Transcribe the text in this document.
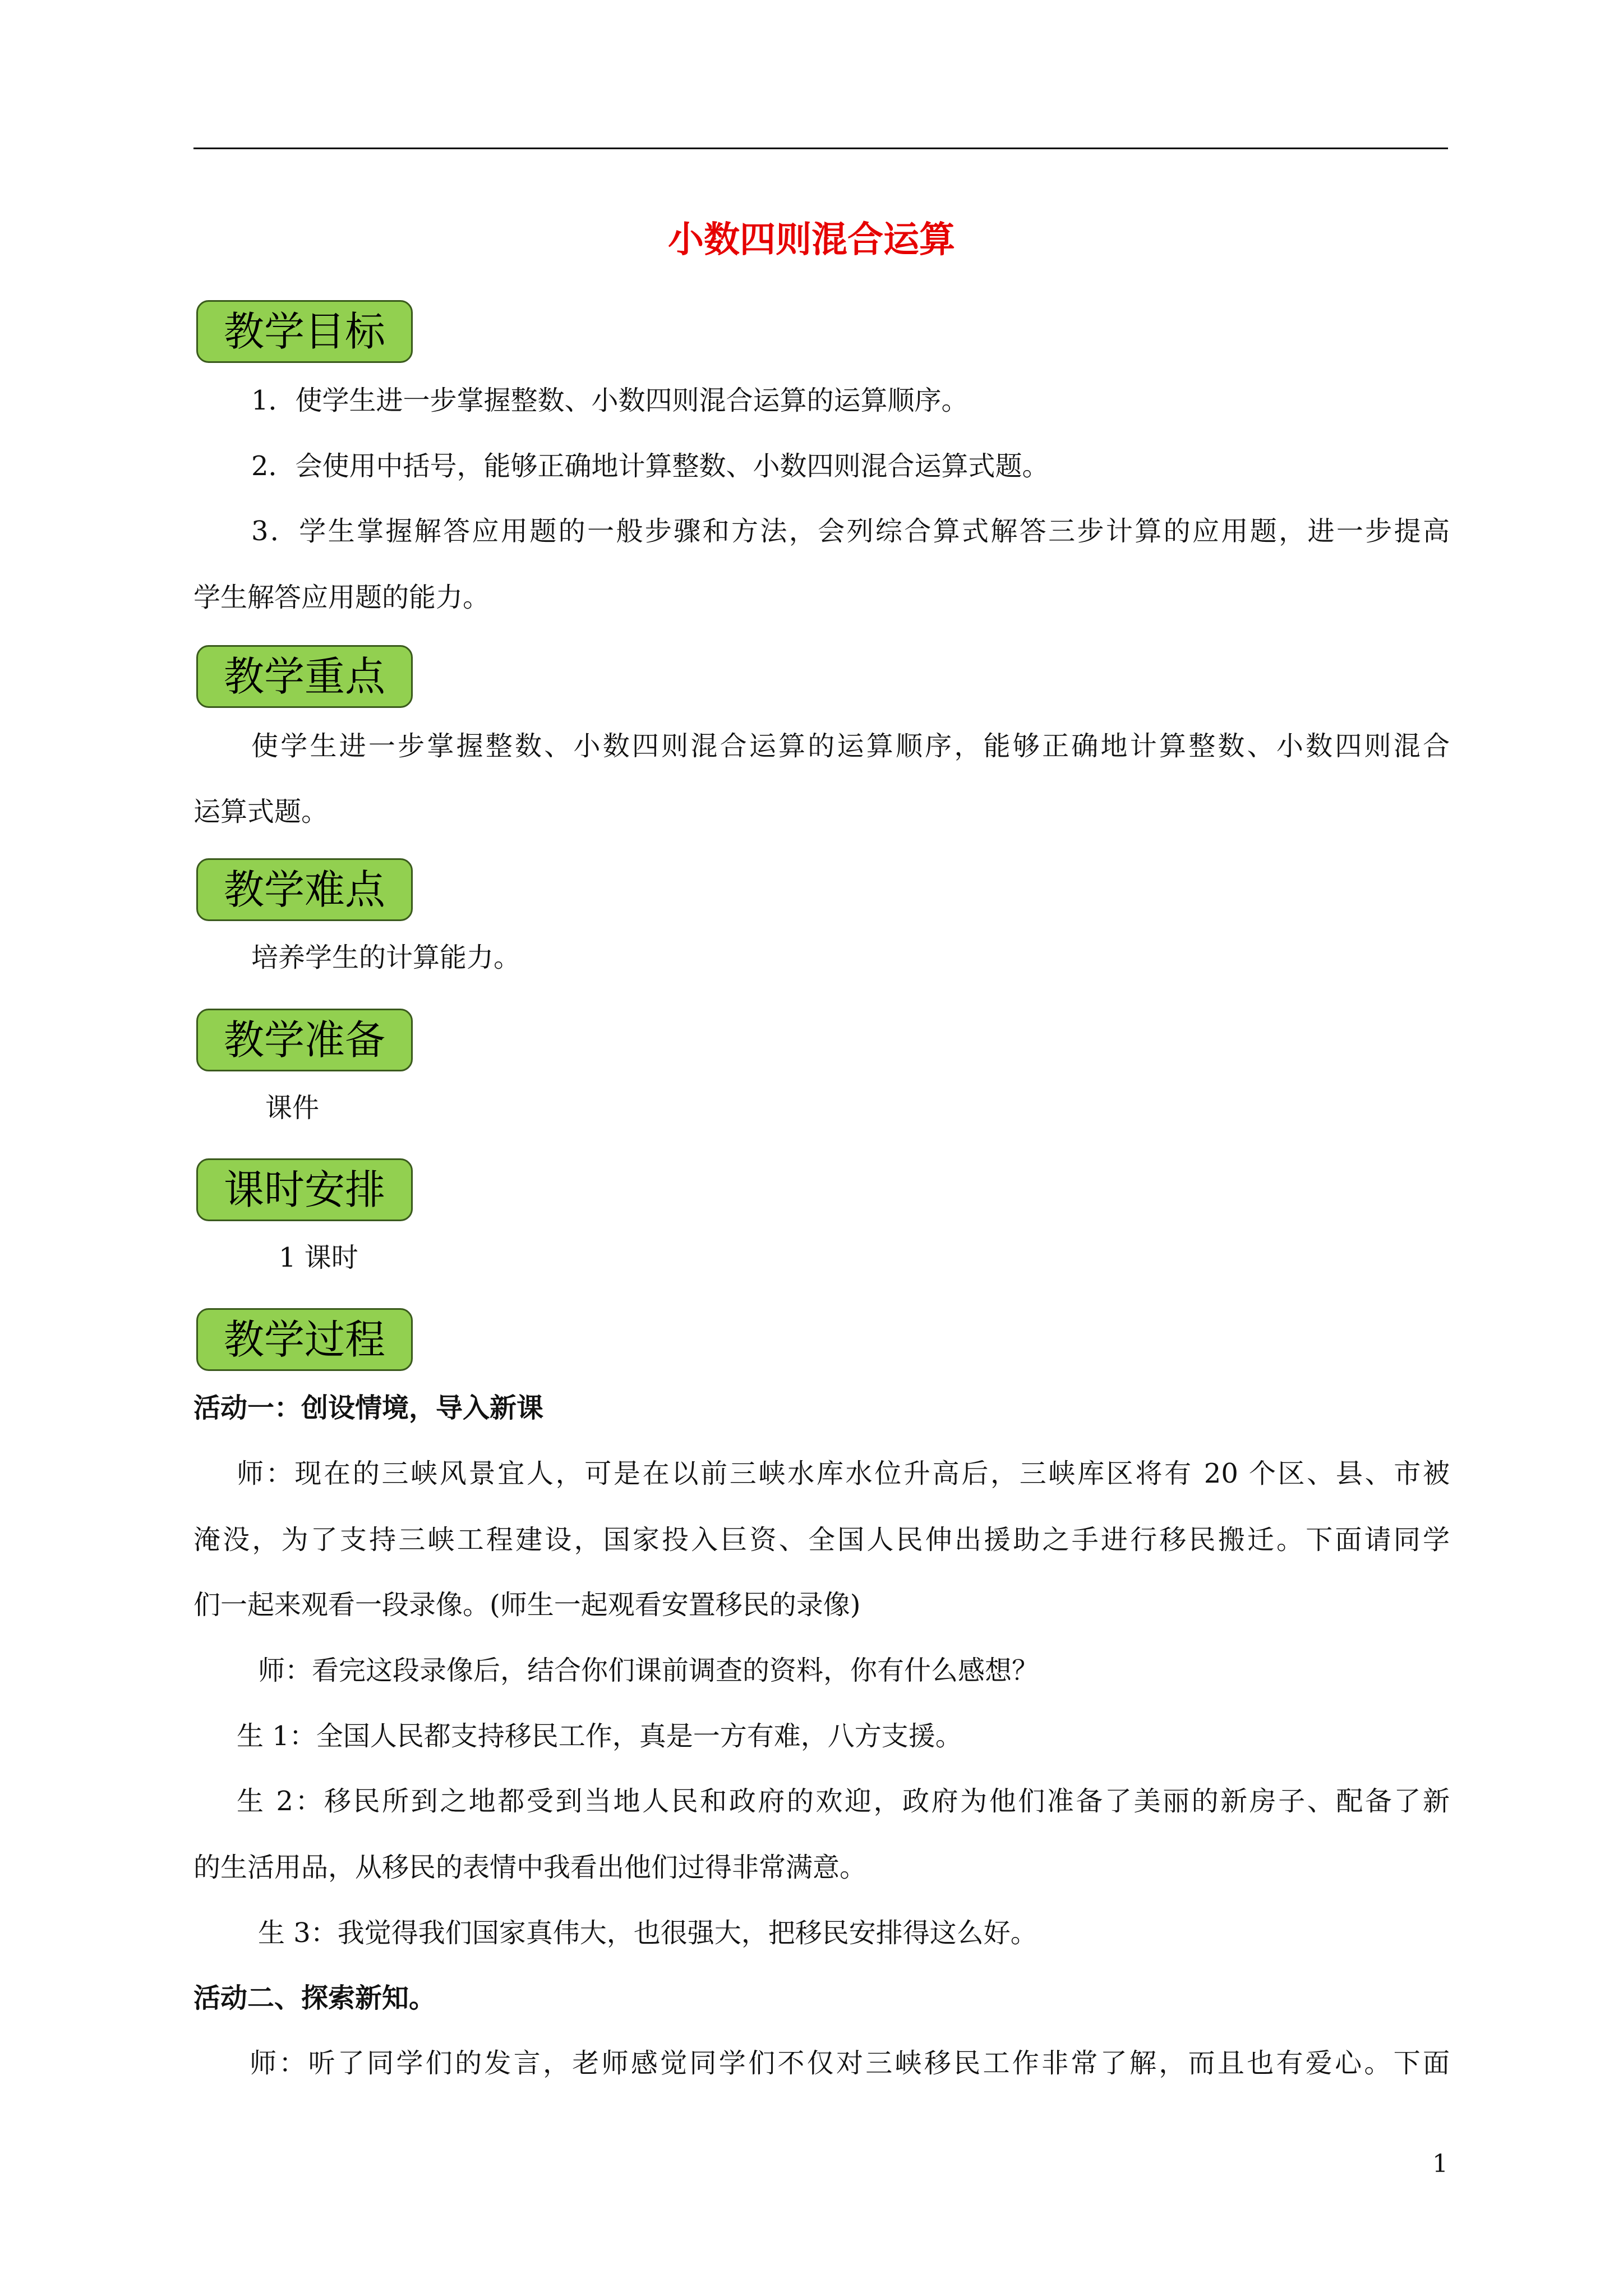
小数四则混合运算
教学目标
1．使学生进一步掌握整数、小数四则混合运算的运算顺序。
2．会使用中括号，能够正确地计算整数、小数四则混合运算式题。
3．学生掌握解答应用题的一般步骤和方法，会列综合算式解答三步计算的应用题，进一步提高
学生解答应用题的能力。
教学重点
使学生进一步掌握整数、小数四则混合运算的运算顺序，能够正确地计算整数、小数四则混合
运算式题。
教学难点
培养学生的计算能力。
教学准备
课件
课时安排
1 课时
教学过程
活动一：创设情境，导入新课
师：现在的三峡风景宜人，可是在以前三峡水库水位升高后，三峡库区将有 20 个区、县、市被
淹没，为了支持三峡工程建设，国家投入巨资、全国人民伸出援助之手进行移民搬迁。下面请同学
们一起来观看一段录像。(师生一起观看安置移民的录像)
师：看完这段录像后，结合你们课前调查的资料，你有什么感想？
生 1：全国人民都支持移民工作，真是一方有难，八方支援。
生 2：移民所到之地都受到当地人民和政府的欢迎，政府为他们准备了美丽的新房子、配备了新
的生活用品，从移民的表情中我看出他们过得非常满意。
生 3：我觉得我们国家真伟大，也很强大，把移民安排得这么好。
活动二、探索新知。
师：听了同学们的发言，老师感觉同学们不仅对三峡移民工作非常了解，而且也有爱心。下面
1
